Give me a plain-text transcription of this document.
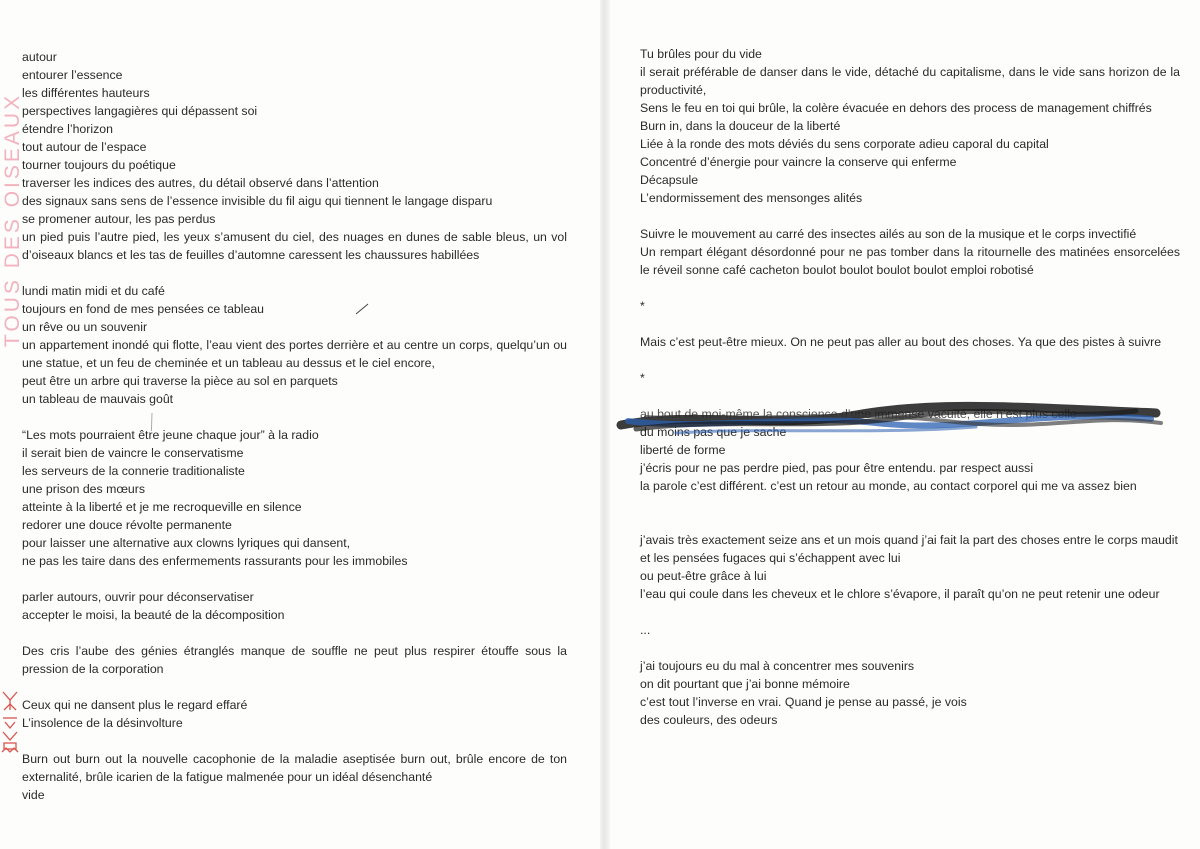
TOUS DES OISEAUX

autour

entourer l’essence

les différentes hauteurs

perspectives langagières qui dépassent soi

étendre l’horizon

tout autour de l’espace

tourner toujours du poétique

traverser les indices des autres, du détail observé dans l’attention

des signaux sans sens de l’essence invisible du fil aigu qui tiennent le langage disparu

se promener autour, les pas perdus

un pied puis l’autre pied, les yeux s’amusent du ciel, des nuages en dunes de sable bleus, un vol d’oiseaux blancs et les tas de feuilles d’automne caressent les chaussures habillées

lundi matin midi et du café

toujours en fond de mes pensées ce tableau

un rêve ou un souvenir

un appartement inondé qui flotte, l’eau vient des portes derrière et au centre un corps, quelqu’un ou une statue, et un feu de cheminée et un tableau au dessus et le ciel encore,

peut être un arbre qui traverse la pièce au sol en parquets

un tableau de mauvais goût

“Les mots pourraient être jeune chaque jour” à la radio

il serait bien de vaincre le conservatisme

les serveurs de la connerie traditionaliste

une prison des mœurs

atteinte à la liberté et je me recroqueville en silence

redorer une douce révolte permanente

pour laisser une alternative aux clowns lyriques qui dansent,

ne pas les taire dans des enfermements rassurants pour les immobiles

parler autours, ouvrir pour déconservatiser

accepter le moisi, la beauté de la décomposition

Des cris l’aube des génies étranglés manque de souffle ne peut plus respirer étouffe sous la pression de la corporation

Ceux qui ne dansent plus le regard effaré

L’insolence de la désinvolture

Burn out burn out la nouvelle cacophonie de la maladie aseptisée burn out, brûle encore de ton externalité, brûle icarien de la fatigue malmenée pour un idéal désenchanté

vide

Tu brûles pour du vide

il serait préférable de danser dans le vide, détaché du capitalisme, dans le vide sans horizon de la productivité,

Sens le feu en toi qui brûle, la colère évacuée en dehors des process de management chiffrés

Burn in, dans la douceur de la liberté

Liée à la ronde des mots déviés du sens corporate adieu caporal du capital

Concentré d’énergie pour vaincre la conserve qui enferme

Décapsule

L’endormissement des mensonges alités

Suivre le mouvement au carré des insectes ailés au son de la musique et le corps invectifié

Un rempart élégant désordonné pour ne pas tomber dans la ritournelle des matinées ensorcelées le réveil sonne café cacheton boulot boulot boulot boulot emploi robotisé

*

Mais c’est peut-être mieux. On ne peut pas aller au bout des choses. Ya que des pistes à suivre

*

au bout de moi-même la conscience d’une immense vacuité, elle n’est plus celle

du moins pas que je sache

liberté de forme

j’écris pour ne pas perdre pied, pas pour être entendu. par respect aussi

la parole c’est différent. c’est un retour au monde, au contact corporel qui me va assez bien

j’avais très exactement seize ans et un mois quand j’ai fait la part des choses entre le corps maudit

et les pensées fugaces qui s’échappent avec lui

ou peut-être grâce à lui

l’eau qui coule dans les cheveux et le chlore s’évapore, il paraît qu’on ne peut retenir une odeur

...

j’ai toujours eu du mal à concentrer mes souvenirs

on dit pourtant que j’ai bonne mémoire

c’est tout l’inverse en vrai. Quand je pense au passé, je vois

des couleurs, des odeurs
